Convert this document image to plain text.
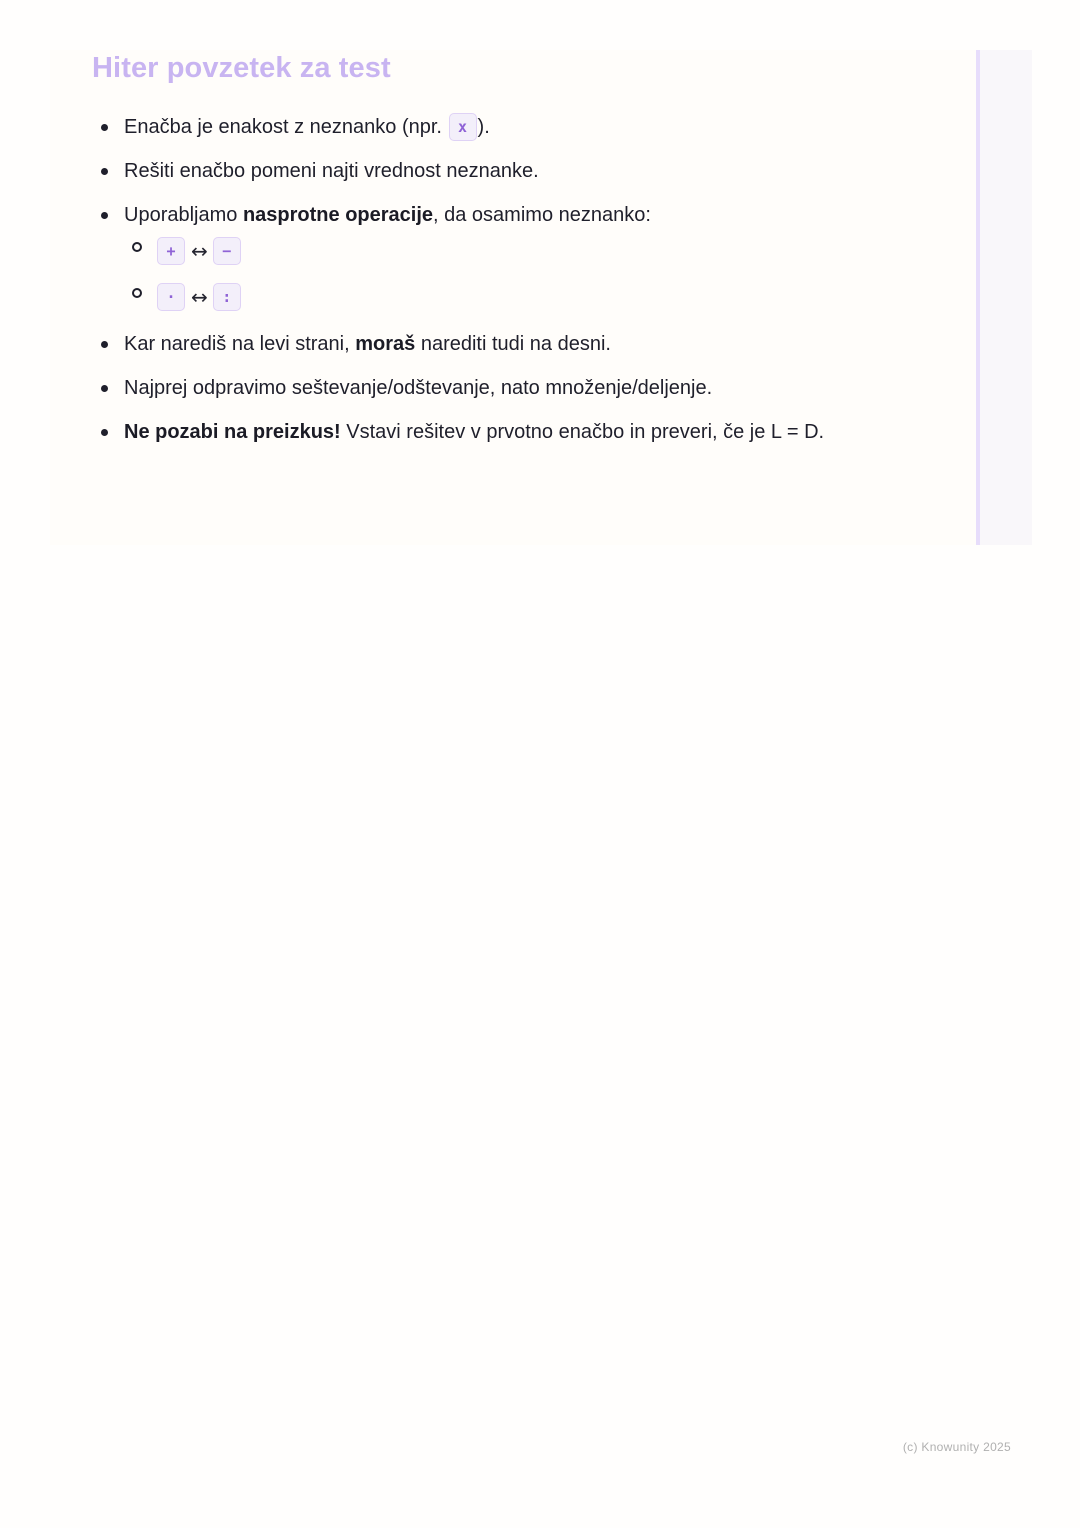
Hiter povzetek za test
Enačba je enakost z neznanko (npr. x ).
Rešiti enačbo pomeni najti vrednost neznanke.
Uporabljamo nasprotne operacije, da osamimo neznanko:
+ ↔ −
· ↔ :
Kar narediš na levi strani, moraš narediti tudi na desni.
Najprej odpravimo seštevanje/odštevanje, nato množenje/deljenje.
Ne pozabi na preizkus! Vstavi rešitev v prvotno enačbo in preveri, če je L = D.

(c) Knowunity 2025
